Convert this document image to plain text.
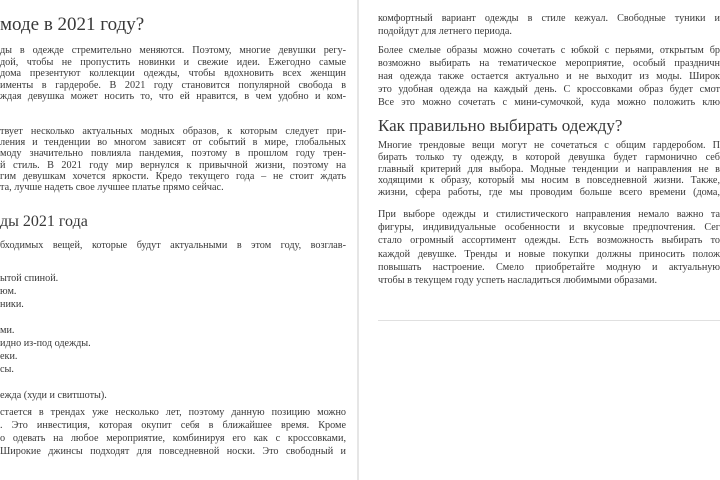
моде в 2021 году?
ды в одежде стремительно меняются. Поэтому, многие девушки регу-
дой, чтобы не пропустить новинки и свежие идеи. Ежегодно самые
дома презентуют коллекции одежды, чтобы вдохновить всех женщин
именты в гардеробе. В 2021 году становится популярной свобода в
ждая девушка может носить то, что ей нравится, в чем удобно и ком-
твует несколько актуальных модных образов, к которым следует при-
ления и тенденции во многом зависят от событий в мире, глобальных
моду значительно повлияла пандемия, поэтому в прошлом году трен-
й стиль. В 2021 году мир вернулся к привычной жизни, поэтому на
гим девушкам хочется яркости. Кредо текущего года – не стоит ждать
та, лучше надеть свое лучшее платье прямо сейчас.
ды 2021 года
бходимых вещей, которые будут актуальными в этом году, возглав-
ытой спиной.
юм.
ники.
ми.
идно из-под одежды.
еки.
сы.
ежда (худи и свитшоты).
стается в трендах уже несколько лет, поэтому данную позицию можно
. Это инвестиция, которая окупит себя в ближайшее время. Кроме
о одевать на любое мероприятие, комбинируя его как с кроссовками,
Широкие джинсы подходят для повседневной носки. Это свободный и
комфортный вариант одежды в стиле кежуал. Свободные туники и
подойдут для летнего периода.
Более смелые образы можно сочетать с юбкой с перьями, открытым бр
возможно выбирать на тематическое мероприятие, особый праздничн
ная одежда также остается актуально и не выходит из моды. Широк
это удобная одежда на каждый день. С кроссовками образ будет смот
Все это можно сочетать с мини-сумочкой, куда можно положить клю
Как правильно выбирать одежду?
Многие трендовые вещи могут не сочетаться с общим гардеробом. П
бирать только ту одежду, в которой девушка будет гармонично себ
главный критерий для выбора. Модные тенденции и направления не в
ходящими к образу, который мы носим в повседневной жизни. Также,
жизни, сфера работы, где мы проводим больше всего времени (дома,
При выборе одежды и стилистического направления немало важно та
фигуры, индивидуальные особенности и вкусовые предпочтения. Сег
стало огромный ассортимент одежды. Есть возможность выбирать то
каждой девушке. Тренды и новые покупки должны приносить полож
повышать настроение. Смело приобретайте модную и актуальную
чтобы в текущем году успеть насладиться любимыми образами.
